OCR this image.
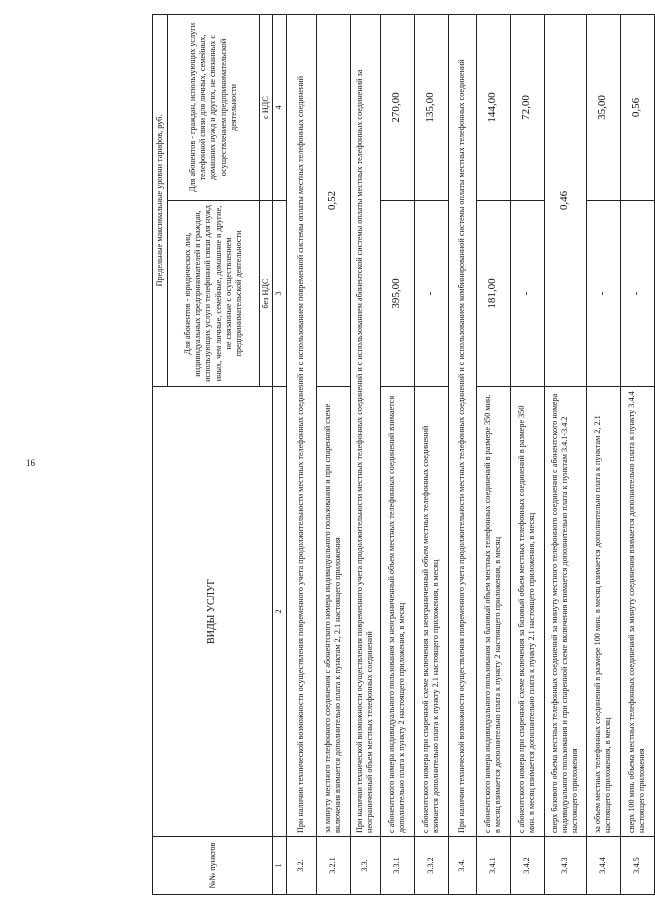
16
№№ пунктов	ВИДЫ УСЛУГ	Предельные максимальные уровни тарифов, руб.	
		Для абонентов - юридических лиц, индивидуальных предпринимателей и граждан, использующих услуги телефонной связи для нужд иных, чем личные, семейные, домашние и другие, не связанные с осуществлением предпринимательской деятельности	Для абонентов - граждан, использующих услуги телефонной связи для личных, семейных, домашних нужд и других, не связанных с осуществлением предпринимательской деятельности
		без НДС	с НДС
1	2	3	4
3.2.	При наличии технической возможности осуществления повременного учета продолжительности местных телефонных соединений и с использованием повременной системы оплаты местных телефонных соединений		
3.2.1	за минуту местного телефонного соединения с абонентского номера индивидуального пользования и при спаренной схеме включения взимается дополнительно плата к пунктам 2, 2.1 настоящего приложения	0,52	
3.3.	При наличии технической возможности осуществления повременного учета продолжительности местных телефонных соединений и с использованием абонентской системы оплаты местных телефонных соединений за неограниченный объем местных телефонных соединений		
3.3.1	с абонентского номера индивидуального пользования за неограниченный объем местных телефонных соединений взимается дополнительно плата к пункту 2 настоящего приложения, в месяц	395,00	270,00
3.3.2	с абонентского номера при спаренной схеме включения за неограниченный объем местных телефонных соединений взимается дополнительно плата к пункту 2.1 настоящего приложения, в месяц	-	135,00
3.4.	При наличии технической возможности осуществления повременного учета продолжительности местных телефонных соединений и с использованием комбинированной системы оплаты местных телефонных соединений		
3.4.1	с абонентского номера индивидуального пользования за базовый объем местных телефонных соединений в размере 350 мин. в месяц взимается дополнительно плата к пункту 2 настоящего приложения, в месяц	181,00	144,00
3.4.2	с абонентского номера при спаренной схеме включения за базовый объем местных телефонных соединений в размере 350 мин. в месяц взимается дополнительно плата к пункту 2.1 настоящего приложения, в месяц	-	72,00
3.4.3	сверх базового объема местных телефонных соединений за минуту местного телефонного соединения с абонентского номера индивидуального пользования и при спаренной схеме включения взимается дополнительно плата к пунктам 3.4.1-3.4.2 настоящего приложения	0,46	
3.4.4	за объем местных телефонных соединений в размере 100 мин. в месяц взимается дополнительно плата к пунктам 2, 2.1 настоящего приложения, в месяц	-	35,00
3.4.5	сверх 100 мин. объема местных телефонных соединений за минуту соединения взимается дополнительно плата к пункту 3.4.4 настоящего приложения	-	0,56
